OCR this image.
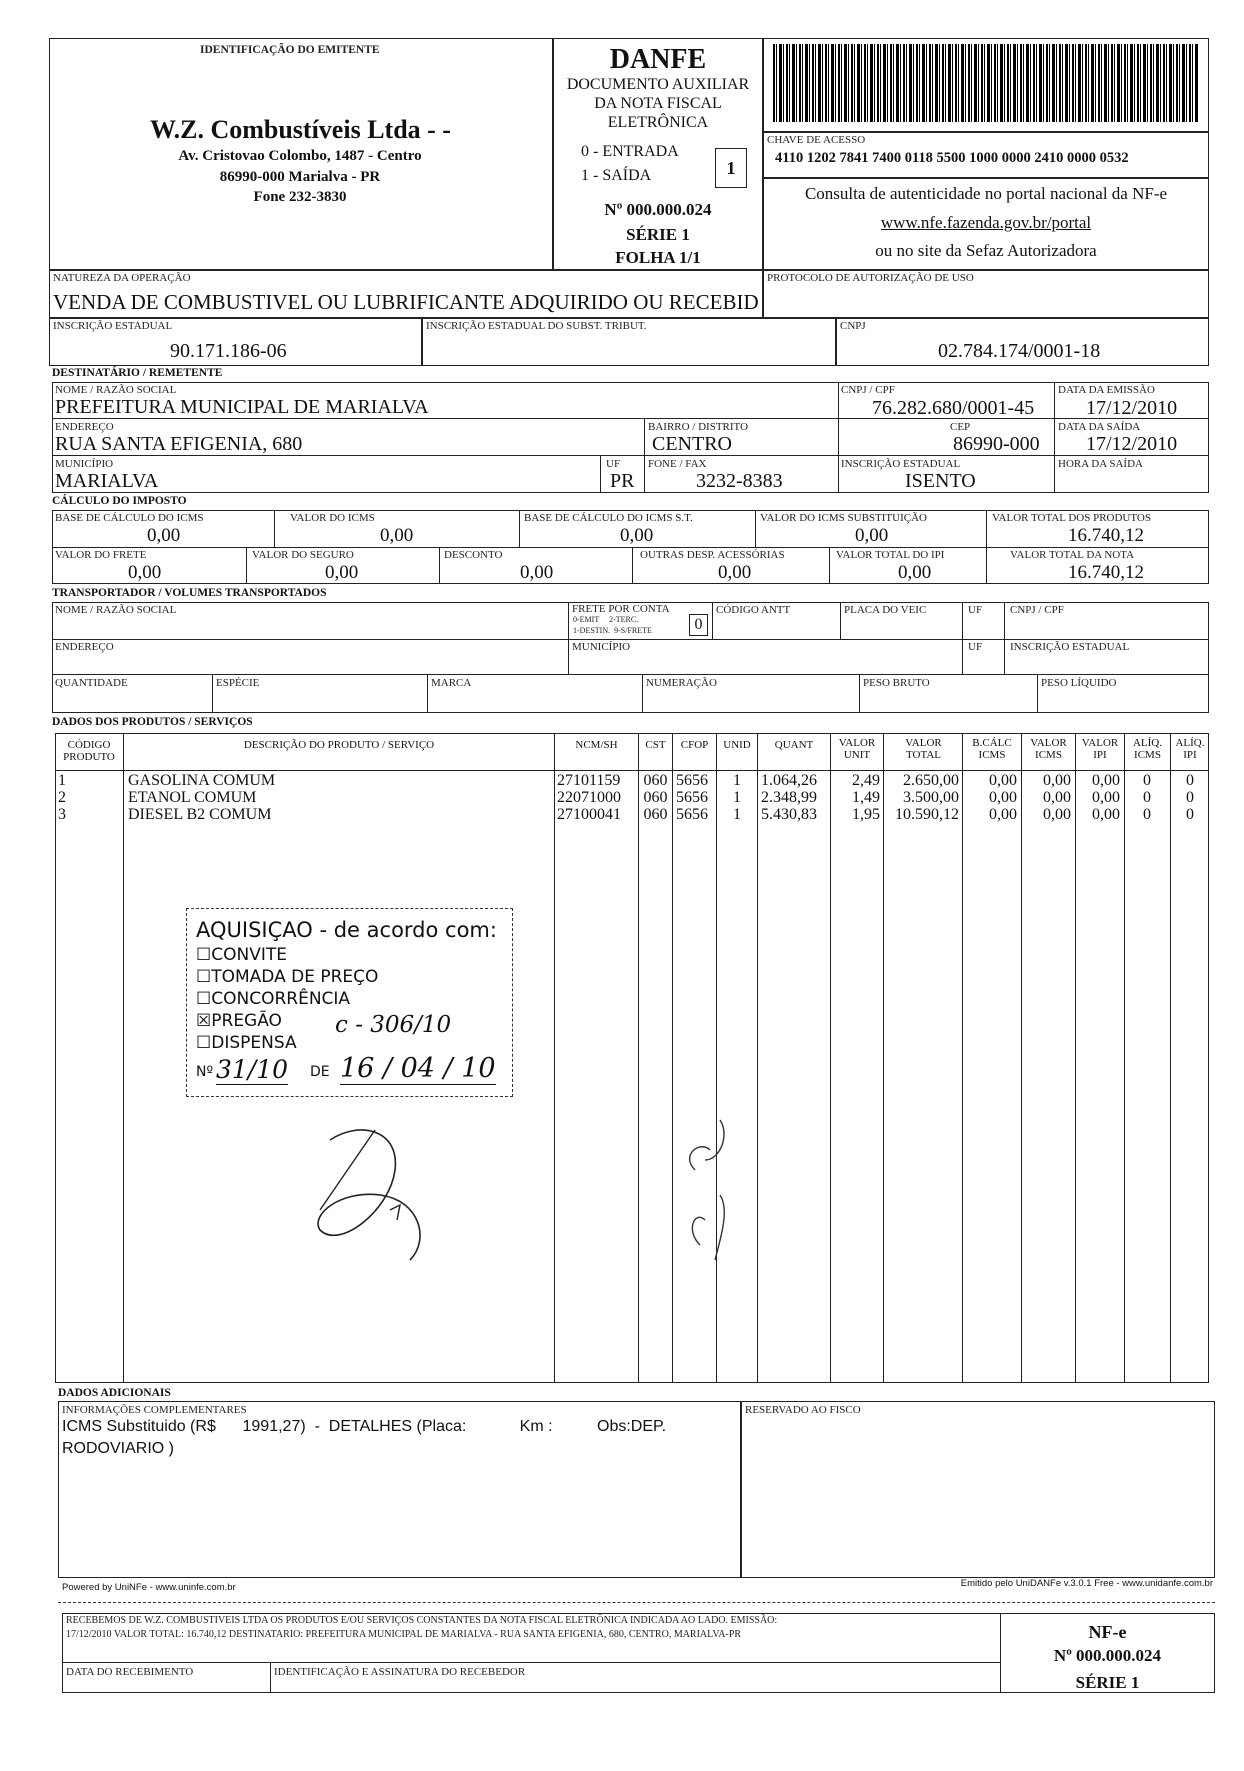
IDENTIFICAÇÃO DO EMITENTE
W.Z. Combustíveis Ltda - -
Av. Cristovao Colombo, 1487 - Centro
86990-000 Marialva - PR
Fone 232-3830
DANFE
DOCUMENTO AUXILIAR
DA NOTA FISCAL
ELETRÔNICA
0 - ENTRADA
1 - SAÍDA	1
Nº 000.000.024
SÉRIE 1
FOLHA 1/1
CHAVE DE ACESSO
4110 1202 7841 7400 0118 5500 1000 0000 2410 0000 0532
Consulta de autenticidade no portal nacional da NF-e
www.nfe.fazenda.gov.br/portal
ou no site da Sefaz Autorizadora
NATUREZA DA OPERAÇÃO
VENDA DE COMBUSTIVEL OU LUBRIFICANTE ADQUIRIDO OU RECEBID
PROTOCOLO DE AUTORIZAÇÃO DE USO
INSCRIÇÃO ESTADUAL
90.171.186-06
INSCRIÇÃO ESTADUAL DO SUBST. TRIBUT.	CNPJ
02.784.174/0001-18
DESTINATÁRIO / REMETENTE
NOME / RAZÃO SOCIAL
PREFEITURA MUNICIPAL DE MARIALVA
CNPJ / CPF
76.282.680/0001-45
DATA DA EMISSÃO
17/12/2010
ENDEREÇO
RUA SANTA EFIGENIA, 680
BAIRRO / DISTRITO
CENTRO
CEP
86990-000
DATA DA SAÍDA
17/12/2010
MUNICÍPIO
MARIALVA
UF
PR
FONE / FAX
3232-8383
INSCRIÇÃO ESTADUAL
ISENTO
HORA DA SAÍDA
CÁLCULO DO IMPOSTO
BASE DE CÁLCULO DO ICMS
0,00
VALOR DO ICMS
0,00
BASE DE CÁLCULO DO ICMS S.T.
0,00
VALOR DO ICMS SUBSTITUIÇÃO
0,00
VALOR TOTAL DOS PRODUTOS
16.740,12
VALOR DO FRETE
0,00
VALOR DO SEGURO
0,00
DESCONTO
0,00
OUTRAS DESP. ACESSÓRIAS
0,00
VALOR TOTAL DO IPI
0,00
VALOR TOTAL DA NOTA
16.740,12
TRANSPORTADOR / VOLUMES TRANSPORTADOS
NOME / RAZÃO SOCIAL	FRETE POR CONTA
0-EMIT     2-TERC.
1-DESTIN.  9-S/FRETE	0
CÓDIGO ANTT	PLACA DO VEIC	UF	CNPJ / CPF
ENDEREÇO	MUNICÍPIO	UF	INSCRIÇÃO ESTADUAL
QUANTIDADE	ESPÉCIE	MARCA	NUMERAÇÃO	PESO BRUTO	PESO LÍQUIDO
DADOS DOS PRODUTOS / SERVIÇOS
CÓDIGO PRODUTO
DESCRIÇÃO DO PRODUTO / SERVIÇO	NCM/SH	CST	CFOP	UNID	QUANT	VALOR UNIT
VALOR TOTAL
B.CÁLC ICMS
VALOR ICMS
VALOR IPI
ALÍQ. ICMS
ALÍQ. IPI
1	GASOLINA COMUM	27101159	060 5656	1	1.064,26	2,49	2.650,00	0,00	0,00	0,00	0	0
2	ETANOL COMUM	22071000	060 5656	1	2.348,99	1,49	3.500,00	0,00	0,00	0,00	0	0
3	DIESEL B2 COMUM	27100041	060 5656	1	5.430,83	1,95 10.590,12	0,00	0,00	0,00	0	0
AQUISIÇAO - de acordo com:
☐CONVITE
☐TOMADA DE PREÇO
☐CONCORRÊNCIA
☒PREGÃO c - 306/10
☐DISPENSA
Nº 31/10 DE 16 / 04 / 10
DADOS ADICIONAIS
INFORMAÇÕES COMPLEMENTARES
ICMS Substituido (R$      1991,27)  -  DETALHES (Placa:            Km :          Obs:DEP.
RODOVIARIO )
RESERVADO AO FISCO
Powered by UniNFe - www.uninfe.com.br	Emitido pelo UniDANFe v.3.0.1 Free - www.unidanfe.com.br
RECEBEMOS DE W.Z. COMBUSTIVEIS LTDA OS PRODUTOS E/OU SERVIÇOS CONSTANTES DA NOTA FISCAL ELETRÔNICA INDICADA AO LADO. EMISSÃO:
17/12/2010 VALOR TOTAL: 16.740,12 DESTINATARIO: PREFEITURA MUNICIPAL DE MARIALVA - RUA SANTA EFIGENIA, 680, CENTRO, MARIALVA-PR
DATA DO RECEBIMENTO	IDENTIFICAÇÃO E ASSINATURA DO RECEBEDOR
NF-e
Nº 000.000.024
SÉRIE 1
